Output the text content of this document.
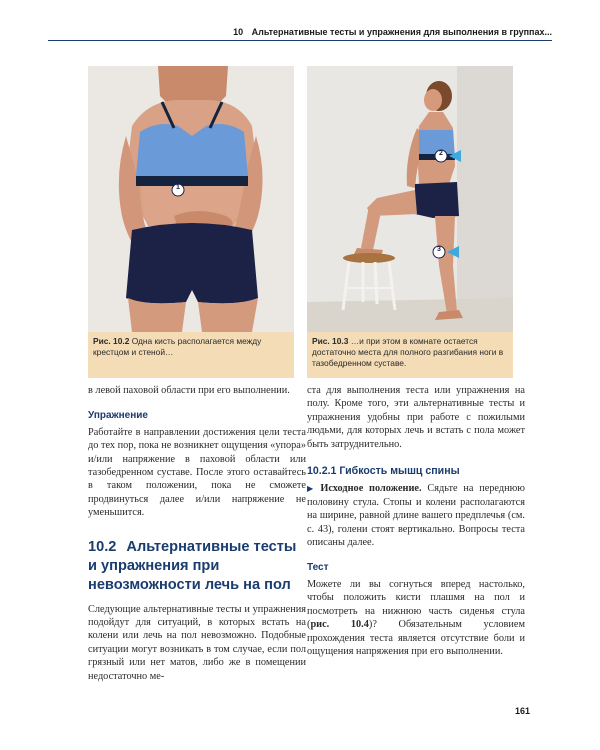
10 Альтернативные тесты и упражнения для выполнения в группах...
1
Рис. 10.2 Одна кисть располагается между крестцом и стеной…
2
3
Рис. 10.3 …и при этом в комнате остается достаточно места для полного разгибания ноги в тазобедренном суставе.

в левой паховой области при его выполнении.

Упражнение

Работайте в направлении достижения цели теста до тех пор, пока не возникнет ощущения «упора» и/или напряжение в паховой области или тазобедренном суставе. После этого оставайтесь в таком положении, пока не сможете продвинуться далее и/или напряжение не уменьшится.

10.2 Альтернативные тесты и упражнения при невозможности лечь на пол

Следующие альтернативные тесты и упражнения подойдут для ситуаций, в которых встать на колени или лечь на пол невозможно. Подобные ситуации могут возникать в том случае, если пол грязный или нет матов, либо же в помещении недостаточно ме-

ста для выполнения теста или упражнения на полу. Кроме того, эти альтернативные тесты и упражнения удобны при работе с пожилыми людьми, для которых лечь и встать с пола может быть затруднительно.

10.2.1 Гибкость мышц спины

▶ Исходное положение. Сядьте на переднюю половину стула. Стопы и колени располагаются на ширине, равной длине вашего предплечья (см. с. 43), голени стоят вертикально. Вопросы теста описаны далее.

Тест

Можете ли вы согнуться вперед настолько, чтобы положить кисти плашмя на пол и посмотреть на нижнюю часть сиденья стула (рис. 10.4)? Обязательным условием прохождения теста является отсутствие боли и ощущения напряжения при его выполнении.

161
